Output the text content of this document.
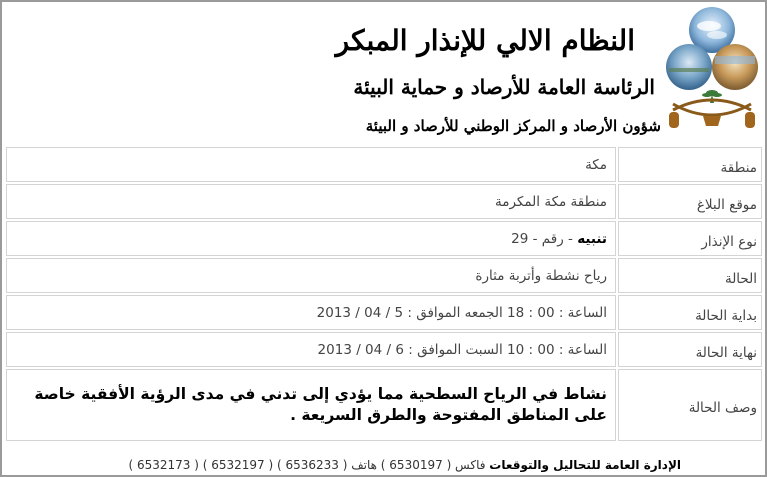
النظام الالي للإنذار المبكر
الرئاسة العامة للأرصاد و حماية البيئة
شؤون الأرصاد و المركز الوطني للأرصاد و البيئة
منطقة	مكة
موقع البلاغ	منطقة مكة المكرمة
نوع الإنذار	تنبيه - رقم - 29
الحالة	رياح نشطة وأتربة مثارة
بداية الحالة	الساعة : 00 : 18 الجمعه الموافق : 5 / 04 / 2013
نهاية الحالة	الساعة : 00 : 10 السبت الموافق : 6 / 04 / 2013
وصف الحالة	نشاط في الرياح السطحية مما يؤدي إلى تدني في مدى الرؤية الأفقية خاصة على المناطق المفتوحة والطرق السريعة .
الإدارة العامة للتحاليل والتوقعات فاكس ( 6530197 ) هاتف ( 6536233 ) ( 6532197 ) ( 6532173 )
